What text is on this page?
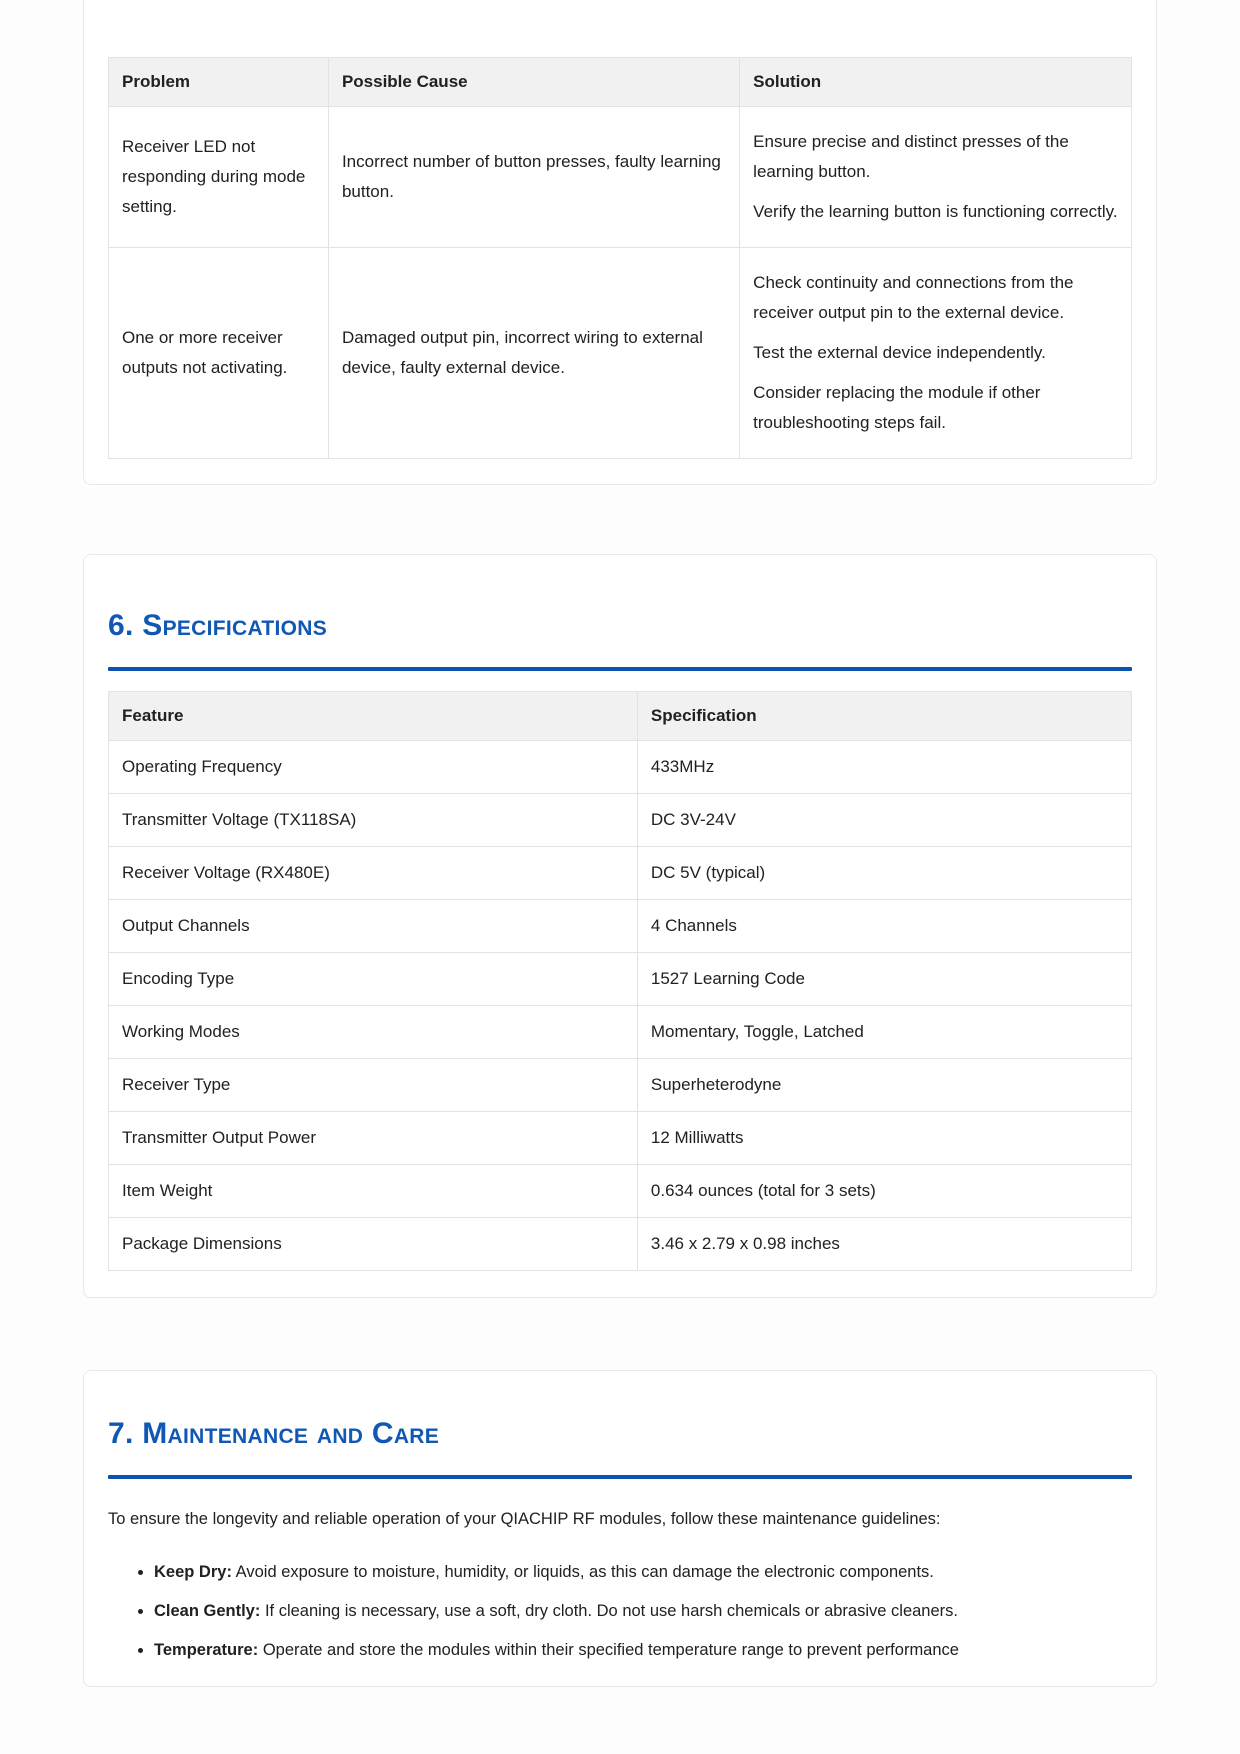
Problem	Possible Cause	Solution
Receiver LED not responding during mode setting.	Incorrect number of button presses, faulty learning button.	Ensure precise and distinct presses of the learning button.

Verify the learning button is functioning correctly.

One or more receiver outputs not activating.	Damaged output pin, incorrect wiring to external device, faulty external device.	Check continuity and connections from the receiver output pin to the external device.

Test the external device independently.

Consider replacing the module if other troubleshooting steps fail.

6. Specifications
Feature	Specification
Operating Frequency	433MHz
Transmitter Voltage (TX118SA)	DC 3V-24V
Receiver Voltage (RX480E)	DC 5V (typical)
Output Channels	4 Channels
Encoding Type	1527 Learning Code
Working Modes	Momentary, Toggle, Latched
Receiver Type	Superheterodyne
Transmitter Output Power	12 Milliwatts
Item Weight	0.634 ounces (total for 3 sets)
Package Dimensions	3.46 x 2.79 x 0.98 inches
7. Maintenance and Care

To ensure the longevity and reliable operation of your QIACHIP RF modules, follow these maintenance guidelines:

• Keep Dry: Avoid exposure to moisture, humidity, or liquids, as this can damage the electronic components.
• Clean Gently: If cleaning is necessary, use a soft, dry cloth. Do not use harsh chemicals or abrasive cleaners.
• Temperature: Operate and store the modules within their specified temperature range to prevent performance
